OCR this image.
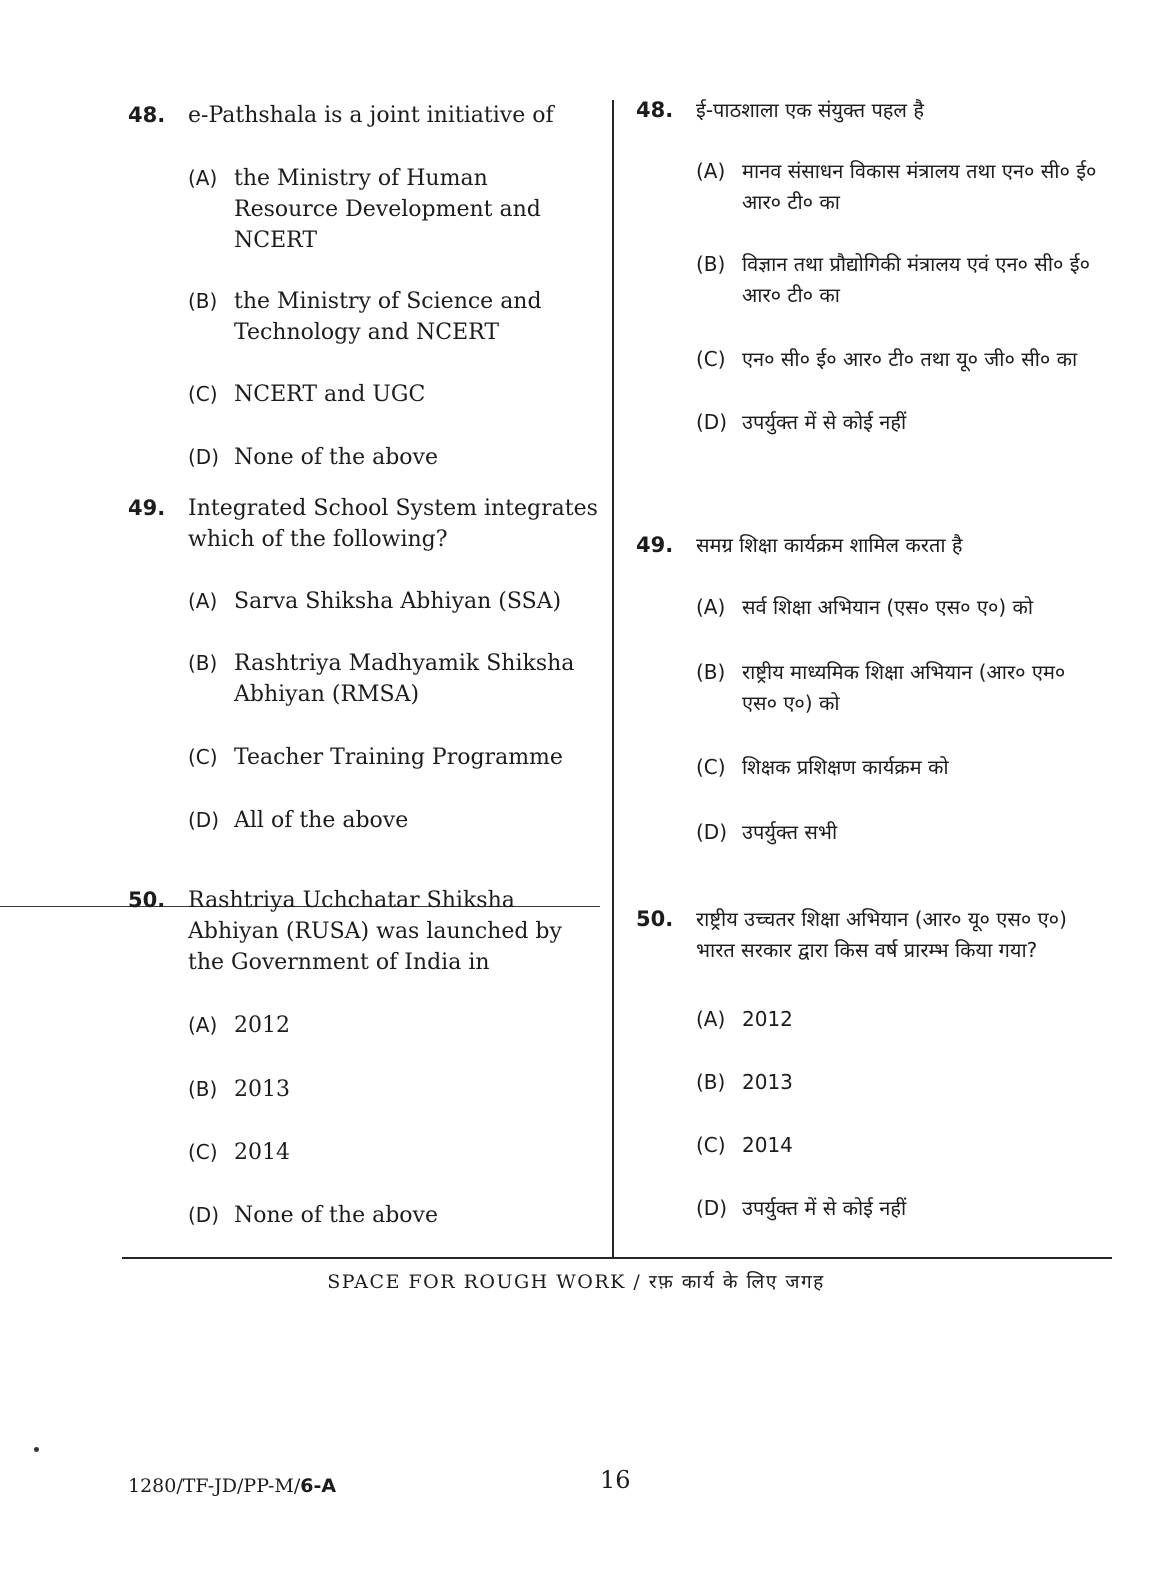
48.	e-Pathshala is a joint initiative of
(A) the Ministry of Human Resource Development and NCERT
(B) the Ministry of Science and Technology and NCERT
(C) NCERT and UGC
(D) None of the above
49.	Integrated School System integrates which of the following?
(A) Sarva Shiksha Abhiyan (SSA)
(B) Rashtriya Madhyamik Shiksha Abhiyan (RMSA)
(C) Teacher Training Programme
(D) All of the above
50.	Rashtriya Uchchatar Shiksha Abhiyan (RUSA) was launched by the Government of India in
(A) 2012
(B) 2013
(C) 2014
(D) None of the above
48.	ई-पाठशाला एक संयुक्त पहल है
(A) मानव संसाधन विकास मंत्रालय तथा एन० सी० ई० आर० टी० का
(B) विज्ञान तथा प्रौद्योगिकी मंत्रालय एवं एन० सी० ई० आर० टी० का
(C) एन० सी० ई० आर० टी० तथा यू० जी० सी० का
(D) उपर्युक्त में से कोई नहीं
49.	समग्र शिक्षा कार्यक्रम शामिल करता है
(A) सर्व शिक्षा अभियान (एस० एस० ए०) को
(B) राष्ट्रीय माध्यमिक शिक्षा अभियान (आर० एम० एस० ए०) को
(C) शिक्षक प्रशिक्षण कार्यक्रम को
(D) उपर्युक्त सभी
50.	राष्ट्रीय उच्चतर शिक्षा अभियान (आर० यू० एस० ए०) भारत सरकार द्वारा किस वर्ष प्रारम्भ किया गया?
(A) 2012
(B) 2013
(C) 2014
(D) उपर्युक्त में से कोई नहीं
SPACE FOR ROUGH WORK / रफ़ कार्य के लिए जगह
1280/TF-JD/PP-M/6-A	16
